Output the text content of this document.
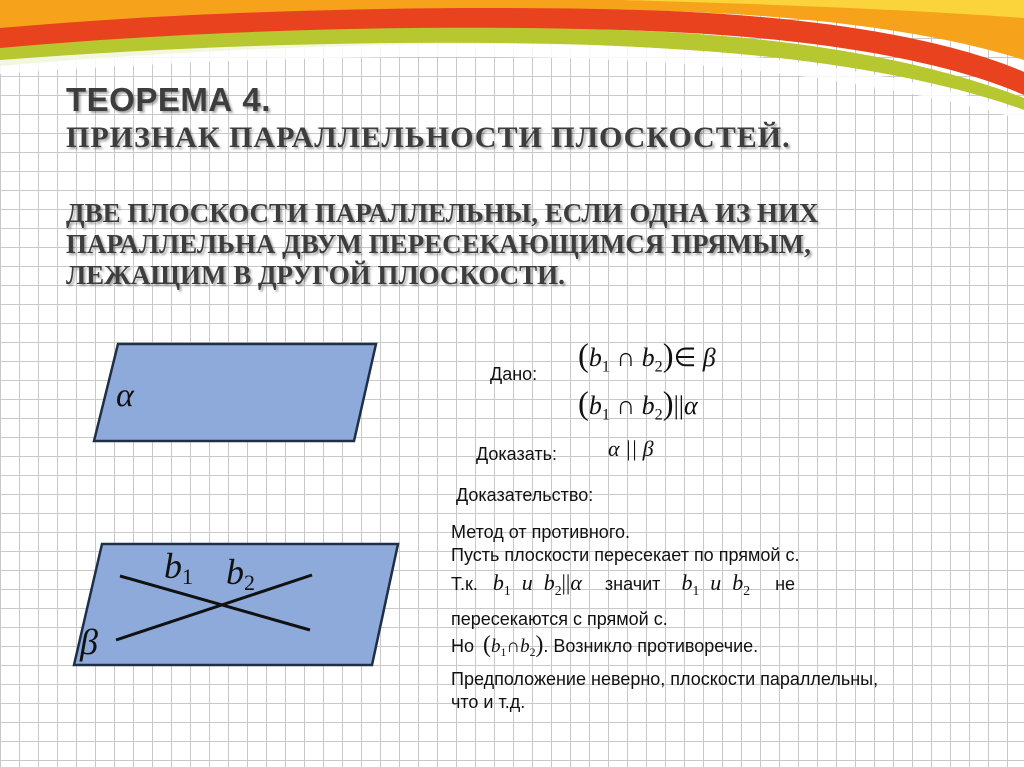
ТЕОРЕМА 4.
ПРИЗНАК ПАРАЛЛЕЛЬНОСТИ ПЛОСКОСТЕЙ.
ДВЕ ПЛОСКОСТИ ПАРАЛЛЕЛЬНЫ, ЕСЛИ ОДНА ИЗ НИХ
ПАРАЛЛЕЛЬНА ДВУМ ПЕРЕСЕКАЮЩИМСЯ ПРЯМЫМ,
ЛЕЖАЩИМ В ДРУГОЙ ПЛОСКОСТИ.
α
β
b1 b2
Дано: ($b_1$ ∩ $b_2)\in$ β
($b_1$ ∩ $b_2)||\alpha$
Доказать: α || β
Доказательство:
Метод от противного.
Пусть плоскости пересекает по прямой с.
Т.к. $b_1$ и $b_2||\alpha$ значит $b_1$ и $b_2$ не
пересекаются с прямой с.
Но $(b_1\cap b_2)$. Возникло противоречие.
Предположение неверно, плоскости параллельны,
что и т.д.
